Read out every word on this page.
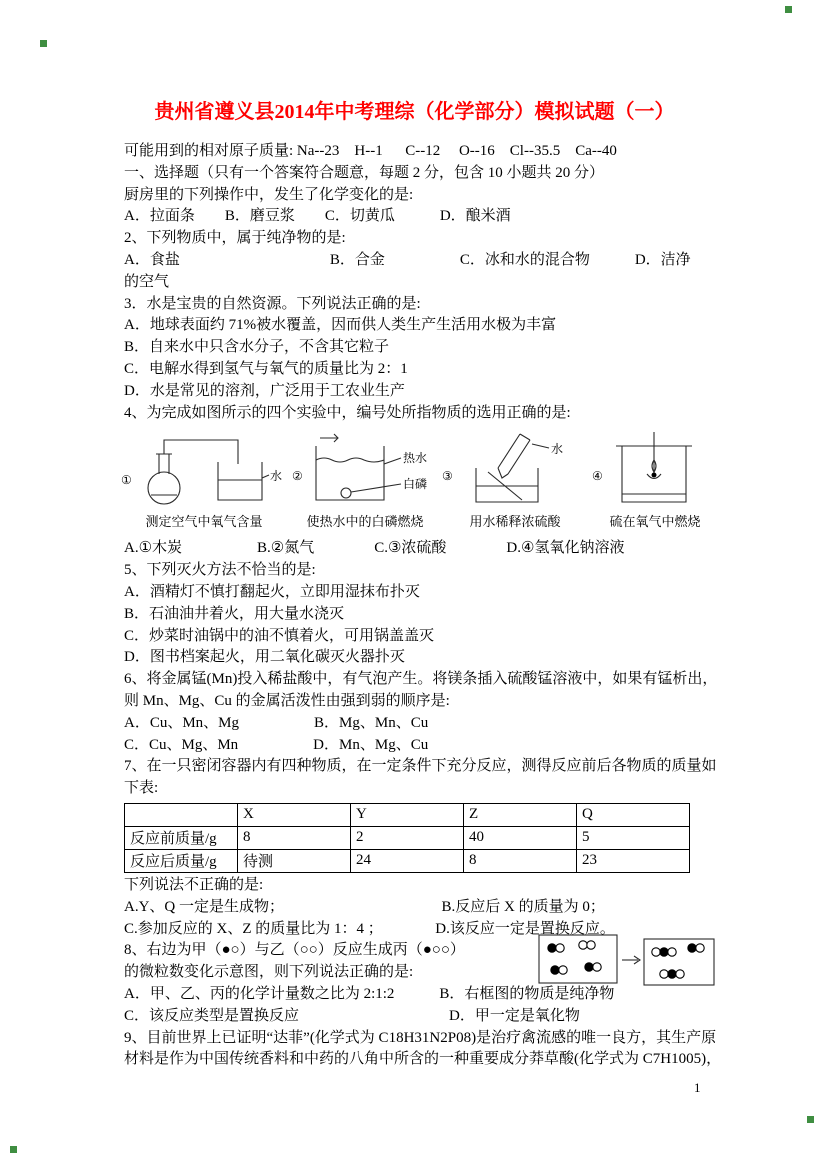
贵州省遵义县2014年中考理综（化学部分）模拟试题（一）

可能用到的相对原子质量: Na--23    H--1      C--12     O--16    Cl--35.5    Ca--40

一、选择题（只有一个答案符合题意，每题 2 分，包含 10 小题共 20 分）

厨房里的下列操作中，发生了化学变化的是:

A．拉面条　　B．磨豆浆　　C．切黄瓜　　　D．酿米酒

2、下列物质中，属于纯净物的是:

A．食盐　　　　　　　　　　B．合金　　　　　C．冰和水的混合物　　　D．洁净

的空气

3．水是宝贵的自然资源。下列说法正确的是:

A．地球表面约 71%被水覆盖，因而供人类生产生活用水极为丰富

B．自来水中只含水分子，不含其它粒子

C．电解水得到氢气与氧气的质量比为 2：1

D．水是常见的溶剂，广泛用于工农业生产

4、为完成如图所示的四个实验中，编号处所指物质的选用正确的是:

①	水
测定空气中氧气含量
②
热水
白磷
使热水中的白磷燃烧
③
水
用水稀释浓硫酸
④
硫在氧气中燃烧

A.①木炭　　　　　B.②氮气　　　　C.③浓硫酸　　　　D.④氢氧化钠溶液

5、下列灭火方法不恰当的是:

A．酒精灯不慎打翻起火，立即用湿抹布扑灭

B．石油油井着火，用大量水浇灭

C．炒菜时油锅中的油不慎着火，可用锅盖盖灭

D．图书档案起火，用二氧化碳灭火器扑灭

6、将金属锰(Mn)投入稀盐酸中，有气泡产生。将镁条插入硫酸锰溶液中，如果有锰析出，

则 Mn、Mg、Cu 的金属活泼性由强到弱的顺序是:

A．Cu、Mn、Mg　　　　　B．Mg、Mn、Cu

C．Cu、Mg、Mn　　　　　D．Mn、Mg、Cu

7、在一只密闭容器内有四种物质，在一定条件下充分反应，测得反应前后各物质的质量如

下表:

	X	Y	Z	Q
反应前质量/g	8	2	40	5
反应后质量/g	待测	24	8	23

下列说法不正确的是:

A.Y、Q 一定是生成物；　　　　　　　　　　　B.反应后 X 的质量为 0；

C.参加反应的 X、Z 的质量比为 1：4 ；　　　　D.该反应一定是置换反应。

8、右边为甲（●○）与乙（○○）反应生成丙（●○○）

的微粒数变化示意图，则下列说法正确的是:

A．甲、乙、丙的化学计量数之比为 2:1:2　　　B．右框图的物质是纯净物

C．该反应类型是置换反应　　　　　　　　　　D．甲一定是氧化物

9、目前世界上已证明“达菲”(化学式为 C18H31N2P08)是治疗禽流感的唯一良方，其生产原

材料是作为中国传统香料和中药的八角中所含的一种重要成分莽草酸(化学式为 C7H1005)，

1
